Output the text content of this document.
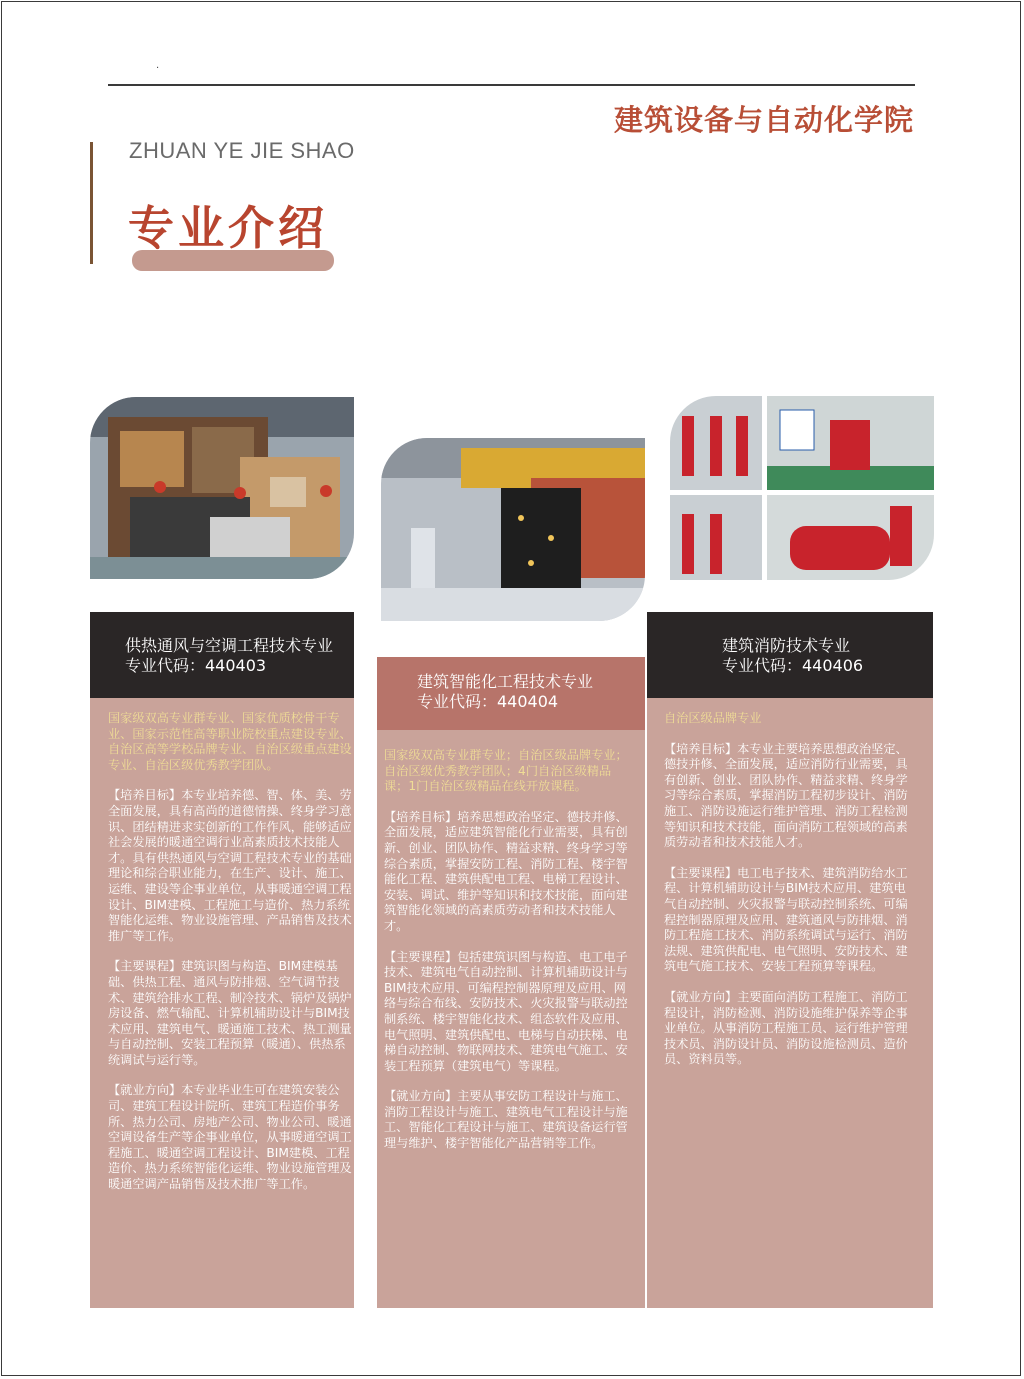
.
建筑设备与自动化学院
ZHUAN YE JIE SHAO
专业介绍
供热通风与空调工程技术专业
专业代码：440403
建筑智能化工程技术专业
专业代码：440404
建筑消防技术专业
专业代码：440406

国家级双高专业群专业、国家优质校骨干专业、国家示范性高等职业院校重点建设专业、自治区高等学校品牌专业、自治区级重点建设专业、自治区级优秀教学团队。

【培养目标】本专业培养德、智、体、美、劳全面发展，具有高尚的道德情操、终身学习意识、团结精进求实创新的工作作风，能够适应社会发展的暖通空调行业高素质技术技能人才。具有供热通风与空调工程技术专业的基础理论和综合职业能力，在生产、设计、施工、运维、建设等企事业单位，从事暖通空调工程设计、BIM建模、工程施工与造价、热力系统智能化运维、物业设施管理、产品销售及技术推广等工作。

【主要课程】建筑识图与构造、BIM建模基础、供热工程、通风与防排烟、空气调节技术、建筑给排水工程、制冷技术、锅炉及锅炉房设备、燃气输配、计算机辅助设计与BIM技术应用、建筑电气、暖通施工技术、热工测量与自动控制、安装工程预算（暖通）、供热系统调试与运行等。

【就业方向】本专业毕业生可在建筑安装公司、建筑工程设计院所、建筑工程造价事务所、热力公司、房地产公司、物业公司、暖通空调设备生产等企事业单位，从事暖通空调工程施工、暖通空调工程设计、BIM建模、工程造价、热力系统智能化运维、物业设施管理及暖通空调产品销售及技术推广等工作。

国家级双高专业群专业；自治区级品牌专业；自治区级优秀教学团队；4门自治区级精品课；1门自治区级精品在线开放课程。

【培养目标】培养思想政治坚定、德技并修、全面发展，适应建筑智能化行业需要，具有创新、创业、团队协作、精益求精、终身学习等综合素质，掌握安防工程、消防工程、楼宇智能化工程、建筑供配电工程、电梯工程设计、安装、调试、维护等知识和技术技能，面向建筑智能化领域的高素质劳动者和技术技能人才。

【主要课程】包括建筑识图与构造、电工电子技术、建筑电气自动控制、计算机辅助设计与BIM技术应用、可编程控制器原理及应用、网络与综合布线、安防技术、火灾报警与联动控制系统、楼宇智能化技术、组态软件及应用、电气照明、建筑供配电、电梯与自动扶梯、电梯自动控制、物联网技术、建筑电气施工、安装工程预算（建筑电气）等课程。

【就业方向】主要从事安防工程设计与施工、消防工程设计与施工、建筑电气工程设计与施工、智能化工程设计与施工、建筑设备运行管理与维护、楼宇智能化产品营销等工作。

自治区级品牌专业

【培养目标】本专业主要培养思想政治坚定、德技并修、全面发展，适应消防行业需要，具有创新、创业、团队协作、精益求精、终身学习等综合素质，掌握消防工程初步设计、消防施工、消防设施运行维护管理、消防工程检测等知识和技术技能，面向消防工程领域的高素质劳动者和技术技能人才。

【主要课程】电工电子技术、建筑消防给水工程、计算机辅助设计与BIM技术应用、建筑电气自动控制、火灾报警与联动控制系统、可编程控制器原理及应用、建筑通风与防排烟、消防工程施工技术、消防系统调试与运行、消防法规、建筑供配电、电气照明、安防技术、建筑电气施工技术、安装工程预算等课程。

【就业方向】主要面向消防工程施工、消防工程设计，消防检测、消防设施维护保养等企事业单位。从事消防工程施工员、运行维护管理技术员、消防设计员、消防设施检测员、造价员、资料员等。
